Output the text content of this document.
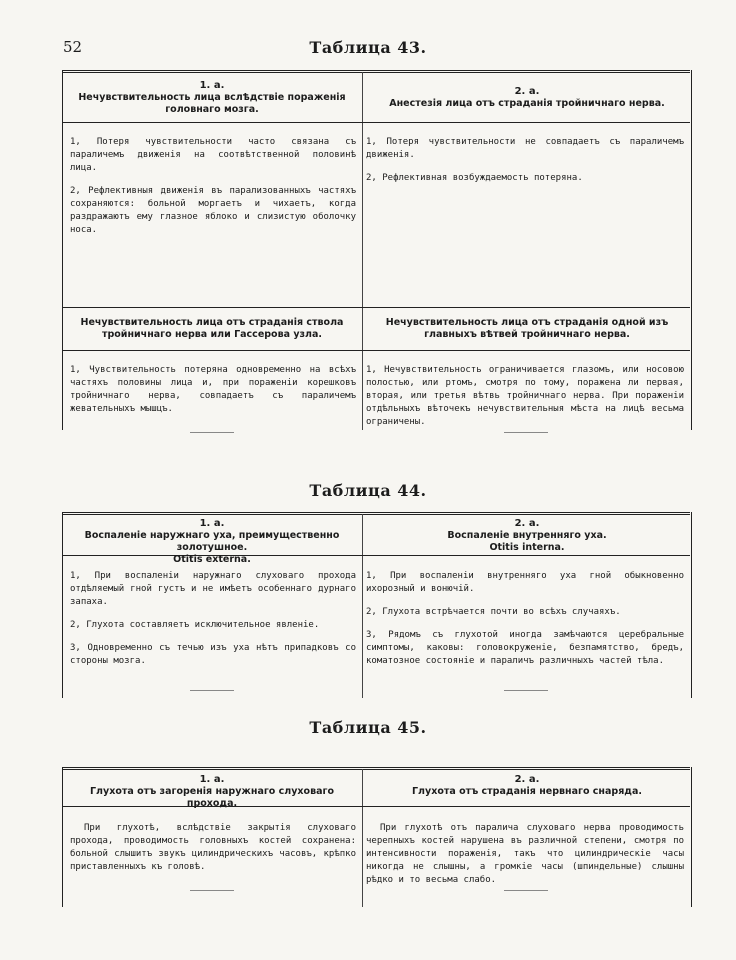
52	Таблица 43.
1. а.
Нечувствительность лица вслѣдствіе пораженія головнаго мозга.
2. а.
Анестезія лица отъ страданія тройничнаго нерва.

1, Потеря чувствительности часто связана съ параличемъ движенія на соотвѣтственной половинѣ лица.

2, Рефлективныя движенія въ парализованныхъ частяхъ сохраняются: больной моргаетъ и чихаетъ, когда раздражаютъ ему глазное яблоко и слизистую оболочку носа.

1, Потеря чувствительности не совпадаетъ съ параличемъ движенія.

2, Рефлективная возбуждаемость потеряна.

Нечувствительность лица отъ страданія ствола тройничнаго нерва или Гассерова узла.
Нечувствительность лица отъ страданія одной изъ главныхъ вѣтвей тройничнаго нерва.

1, Чувствительность потеряна одновременно на всѣхъ частяхъ половины лица и, при пораженіи корешковъ тройничнаго нерва, совпадаетъ съ параличемъ жевательныхъ мышцъ.

1, Нечувствительность ограничивается глазомъ, или носовою полостью, или ртомъ, смотря по тому, поражена ли первая, вторая, или третья вѣтвь тройничнаго нерва. При пораженіи отдѣльныхъ вѣточекъ нечувствительныя мѣста на лицѣ весьма ограничены.

Таблица 44.
1. а.
Воспаленіе наружнаго уха, преимущественно золотушное.
Otitis externa.
2. а.
Воспаленіе внутренняго уха.
Otitis interna.

1, При воспаленіи наружнаго слуховаго прохода отдѣляемый гной густъ и не имѣетъ особеннаго дурнаго запаха.

2, Глухота составляетъ исключительное явленіе.

3, Одновременно съ течью изъ уха нѣтъ припадковъ со стороны мозга.

1, При воспаленіи внутренняго уха гной обыкновенно ихорозный и вонючій.

2, Глухота встрѣчается почти во всѣхъ случаяхъ.

3, Рядомъ съ глухотой иногда замѣчаются церебральные симптомы, каковы: головокруженіе, безпамятство, бредъ, коматозное состояніе и параличъ различныхъ частей тѣла.

Таблица 45.
1. а.
Глухота отъ загоренія наружнаго слуховаго прохода.
2. а.
Глухота отъ страданія нервнаго снаряда.

При глухотѣ, вслѣдствіе закрытія слуховаго прохода, проводимость головныхъ костей сохранена: больной слышитъ звукъ цилиндрическихъ часовъ, крѣпко приставленныхъ къ головѣ.

При глухотѣ отъ паралича слуховаго нерва проводимость черепныхъ костей нарушена въ различной степени, смотря по интенсивности пораженія, такъ что цилиндрическіе часы никогда не слышны, а громкіе часы (шпиндельные) слышны рѣдко и то весьма слабо.
